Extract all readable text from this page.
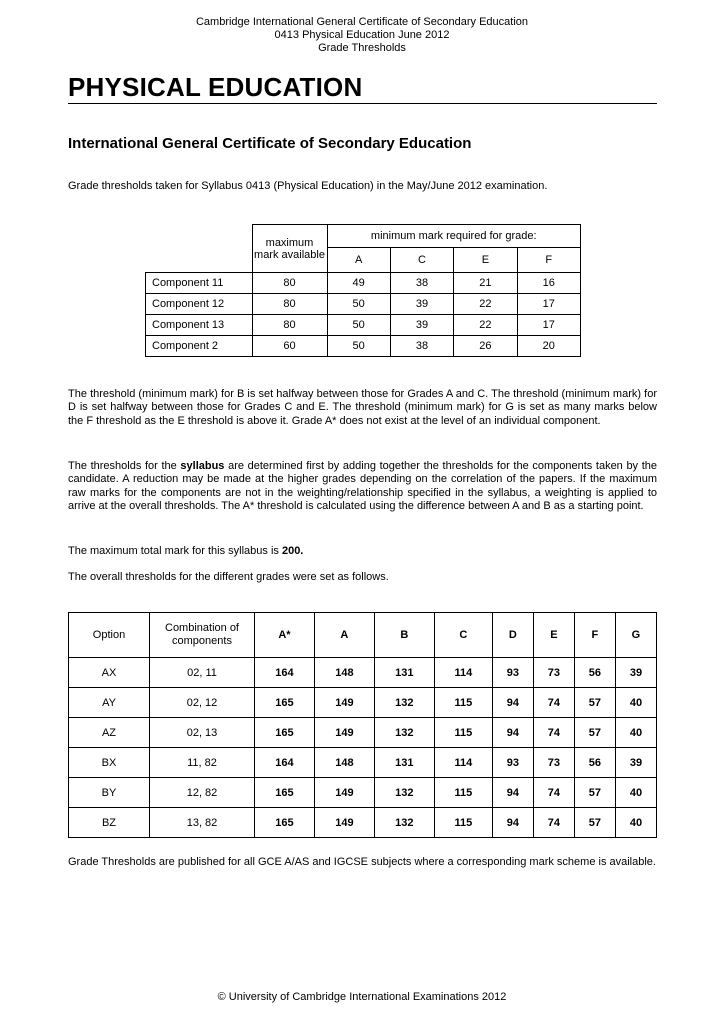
Cambridge International General Certificate of Secondary Education
0413 Physical Education June 2012
Grade Thresholds
PHYSICAL EDUCATION
International General Certificate of Secondary Education
Grade thresholds taken for Syllabus 0413 (Physical Education) in the May/June 2012 examination.
	maximum mark available	minimum mark required for grade:			
		A	C	E	F
Component 11	80	49	38	21	16
Component 12	80	50	39	22	17
Component 13	80	50	39	22	17
Component 2	60	50	38	26	20
The threshold (minimum mark) for B is set halfway between those for Grades A and C. The threshold (minimum mark) for D is set halfway between those for Grades C and E. The threshold (minimum mark) for G is set as many marks below the F threshold as the E threshold is above it. Grade A* does not exist at the level of an individual component.
The thresholds for the syllabus are determined first by adding together the thresholds for the components taken by the candidate. A reduction may be made at the higher grades depending on the correlation of the papers. If the maximum raw marks for the components are not in the weighting/relationship specified in the syllabus, a weighting is applied to arrive at the overall thresholds. The A* threshold is calculated using the difference between A and B as a starting point.
The maximum total mark for this syllabus is 200.
The overall thresholds for the different grades were set as follows.
Option	Combination of components	A*	A	B	C	D	E	F	G
AX	02, 11	164	148	131	114	93	73	56	39
AY	02, 12	165	149	132	115	94	74	57	40
AZ	02, 13	165	149	132	115	94	74	57	40
BX	11, 82	164	148	131	114	93	73	56	39
BY	12, 82	165	149	132	115	94	74	57	40
BZ	13, 82	165	149	132	115	94	74	57	40
Grade Thresholds are published for all GCE A/AS and IGCSE subjects where a corresponding mark scheme is available.
© University of Cambridge International Examinations 2012
